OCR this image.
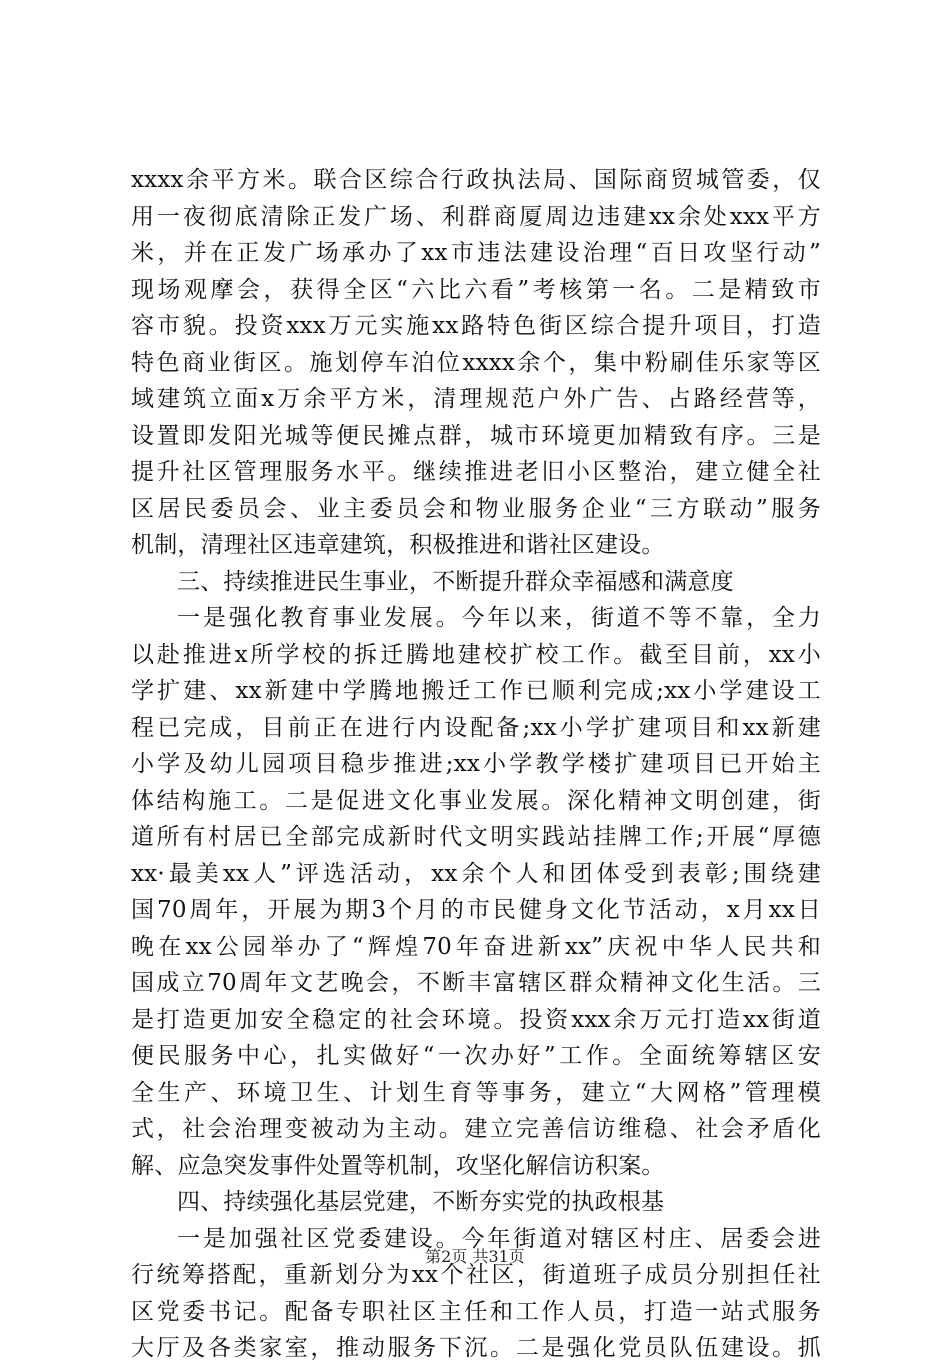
xxxx余平方米。联合区综合行政执法局、国际商贸城管委，仅
用一夜彻底清除正发广场、利群商厦周边违建xx余处xxx平方
米，并在正发广场承办了xx市违法建设治理“百日攻坚行动”
现场观摩会，获得全区“六比六看”考核第一名。二是精致市
容市貌。投资xxx万元实施xx路特色街区综合提升项目，打造
特色商业街区。施划停车泊位xxxx余个，集中粉刷佳乐家等区
域建筑立面x万余平方米，清理规范户外广告、占路经营等，
设置即发阳光城等便民摊点群，城市环境更加精致有序。三是
提升社区管理服务水平。继续推进老旧小区整治，建立健全社
区居民委员会、业主委员会和物业服务企业“三方联动”服务
机制，清理社区违章建筑，积极推进和谐社区建设。
三、持续推进民生事业，不断提升群众幸福感和满意度
一是强化教育事业发展。今年以来，街道不等不靠，全力
以赴推进x所学校的拆迁腾地建校扩校工作。截至目前，xx小
学扩建、xx新建中学腾地搬迁工作已顺利完成;xx小学建设工
程已完成，目前正在进行内设配备;xx小学扩建项目和xx新建
小学及幼儿园项目稳步推进;xx小学教学楼扩建项目已开始主
体结构施工。二是促进文化事业发展。深化精神文明创建，街
道所有村居已全部完成新时代文明实践站挂牌工作;开展“厚德
xx·最美xx人”评选活动，xx余个人和团体受到表彰;围绕建
国70周年，开展为期3个月的市民健身文化节活动，x月xx日
晚在xx公园举办了“辉煌70年奋进新xx”庆祝中华人民共和
国成立70周年文艺晚会，不断丰富辖区群众精神文化生活。三
是打造更加安全稳定的社会环境。投资xxx余万元打造xx街道
便民服务中心，扎实做好“一次办好”工作。全面统筹辖区安
全生产、环境卫生、计划生育等事务，建立“大网格”管理模
式，社会治理变被动为主动。建立完善信访维稳、社会矛盾化
解、应急突发事件处置等机制，攻坚化解信访积案。
四、持续强化基层党建，不断夯实党的执政根基
一是加强社区党委建设。今年街道对辖区村庄、居委会进
行统筹搭配，重新划分为xx个社区，街道班子成员分别担任社
区党委书记。配备专职社区主任和工作人员，打造一站式服务
大厅及各类家室，推动服务下沉。二是强化党员队伍建设。抓
第2页 共31页
